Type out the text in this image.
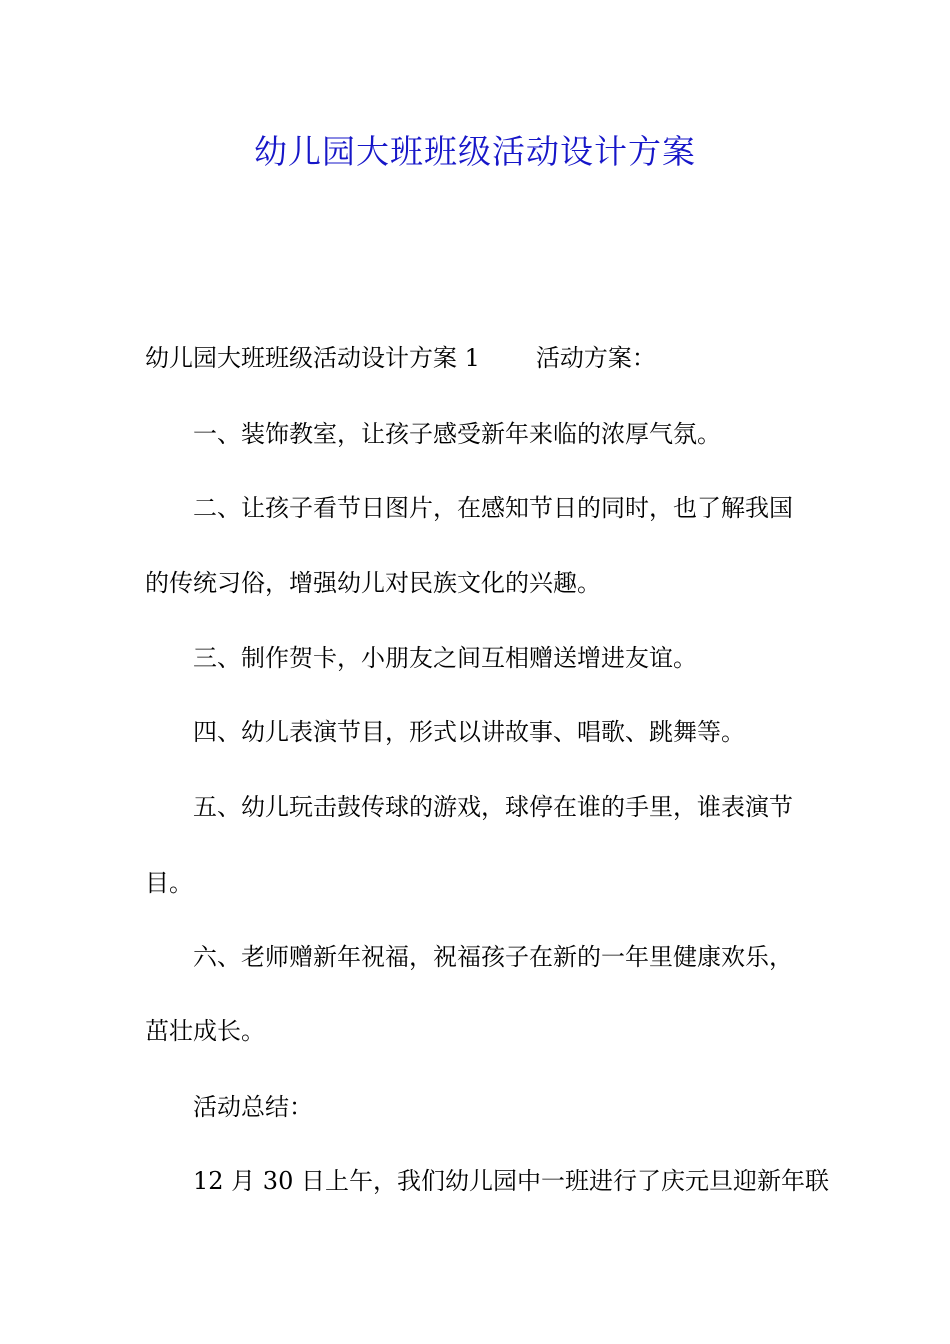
幼儿园大班班级活动设计方案

幼儿园大班班级活动设计方案 1 活动方案：

一、装饰教室，让孩子感受新年来临的浓厚气氛。

二、让孩子看节日图片，在感知节日的同时，也了解我国

的传统习俗，增强幼儿对民族文化的兴趣。

三、制作贺卡，小朋友之间互相赠送增进友谊。

四、幼儿表演节目，形式以讲故事、唱歌、跳舞等。

五、幼儿玩击鼓传球的游戏，球停在谁的手里，谁表演节

目。

六、老师赠新年祝福，祝福孩子在新的一年里健康欢乐，

茁壮成长。

活动总结：

12 月 30 日上午，我们幼儿园中一班进行了庆元旦迎新年联
